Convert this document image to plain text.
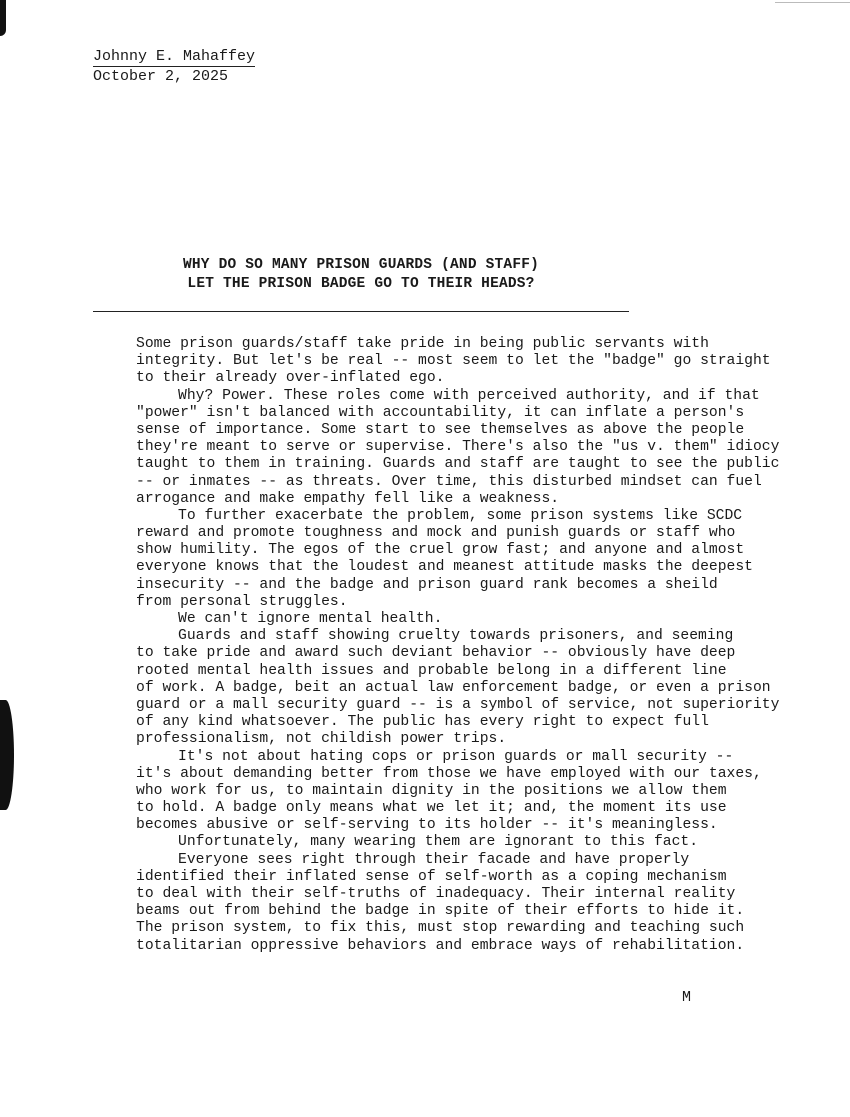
Johnny E. Mahaffey
October 2, 2025
WHY DO SO MANY PRISON GUARDS (AND STAFF)
LET THE PRISON BADGE GO TO THEIR HEADS?
Some prison guards/staff take pride in being public servants with
integrity. But let's be real -- most seem to let the "badge" go straight
to their already over-inflated ego.
Why? Power. These roles come with perceived authority, and if that
"power" isn't balanced with accountability, it can inflate a person's
sense of importance. Some start to see themselves as above the people
they're meant to serve or supervise. There's also the "us v. them" idiocy
taught to them in training. Guards and staff are taught to see the public
-- or inmates -- as threats. Over time, this disturbed mindset can fuel
arrogance and make empathy fell like a weakness.
To further exacerbate the problem, some prison systems like SCDC
reward and promote toughness and mock and punish guards or staff who
show humility. The egos of the cruel grow fast; and anyone and almost
everyone knows that the loudest and meanest attitude masks the deepest
insecurity -- and the badge and prison guard rank becomes a sheild
from personal struggles.
We can't ignore mental health.
Guards and staff showing cruelty towards prisoners, and seeming
to take pride and award such deviant behavior -- obviously have deep
rooted mental health issues and probable belong in a different line
of work. A badge, beit an actual law enforcement badge, or even a prison
guard or a mall security guard -- is a symbol of service, not superiority
of any kind whatsoever. The public has every right to expect full
professionalism, not childish power trips.
It's not about hating cops or prison guards or mall security --
it's about demanding better from those we have employed with our taxes,
who work for us, to maintain dignity in the positions we allow them
to hold. A badge only means what we let it; and, the moment its use
becomes abusive or self-serving to its holder -- it's meaningless.
Unfortunately, many wearing them are ignorant to this fact.
Everyone sees right through their facade and have properly
identified their inflated sense of self-worth as a coping mechanism
to deal with their self-truths of inadequacy. Their internal reality
beams out from behind the badge in spite of their efforts to hide it.
The prison system, to fix this, must stop rewarding and teaching such
totalitarian oppressive behaviors and embrace ways of rehabilitation.
M
